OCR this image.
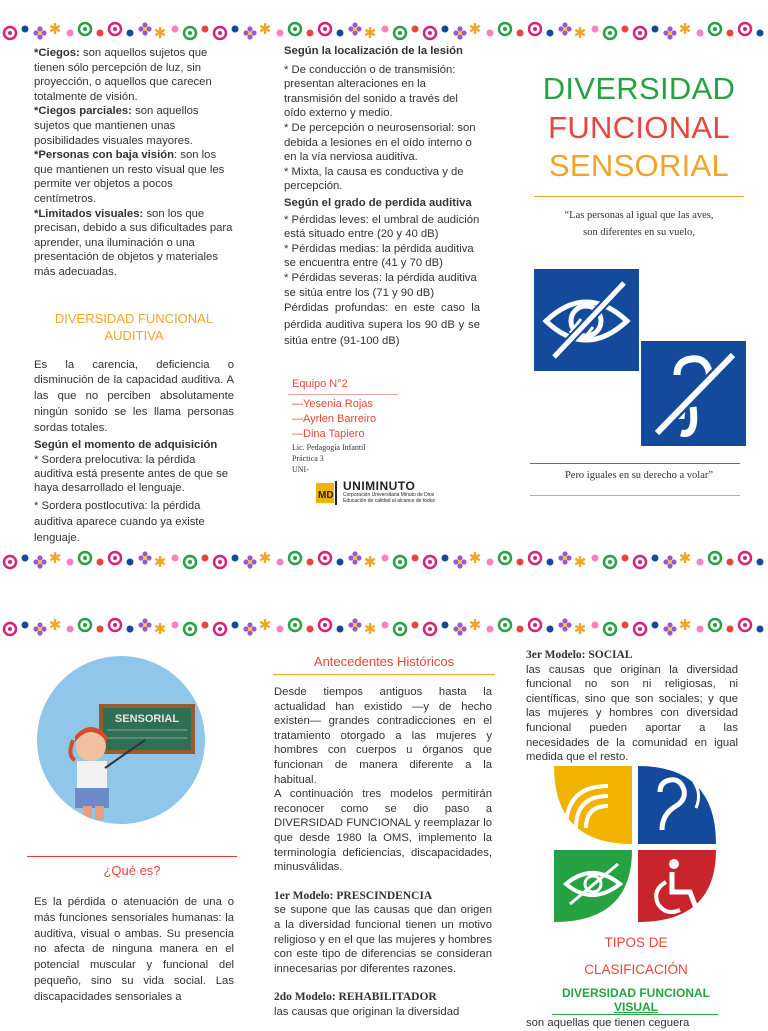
✱	✱	✱	✱	✱	✱	✱
✱	✱	✱	✱	✱	✱	✱
✱	✱	✱	✱	✱	✱	✱

*Ciegos: son aquellos sujetos que tienen sólo percepción de luz, sin proyección, o aquellos que carecen totalmente de visión.
*Ciegos parciales: son aquellos sujetos que mantienen unas posibilidades visuales mayores.
*Personas con baja visión: son los que mantienen un resto visual que les permite ver objetos a pocos centímetros.
*Limitados visuales: son los que precisan, debido a sus dificultades para aprender, una iluminación o una presentación de objetos y materiales más adecuadas.

DIVERSIDAD FUNCIONAL
AUDITIVA

Es la carencia, deficiencia o disminución de la capacidad auditiva. A las que no perciben absolutamente ningún sonido se les llama personas sordas totales.

Según el momento de adquisición

* Sordera prelocutiva: la pérdida auditiva está presente antes de que se haya desarrollado el lenguaje.

* Sordera postlocutiva: la pérdida auditiva aparece cuando ya existe lenguaje.

Según la localización de la lesión

* De conducción o de transmisión: presentan alteraciones en la transmisión del sonido a través del oído externo y medio.

* De percepción o neurosensorial: son debida a lesiones en el oído interno o en la vía nerviosa auditiva.

* Mixta, la causa es conductiva y de percepción.

Según el grado de perdida auditiva

* Pérdidas leves: el umbral de audición está situado entre (20 y 40 dB)

* Pérdidas medias: la pérdida auditiva se encuentra entre (41 y 70 dB)

* Pérdidas severas: la pérdida auditiva se sitúa entre los (71 y 90 dB)

Pérdidas profundas: en este caso la pérdida auditiva supera los 90 dB y se sitúa entre (91-100 dB)

Equipo N°2
—Yesenia Rojas
—Ayrlen Barreiro
—Dina Tapiero
Lic. Pedagogía Infantil
Práctica 3
UNI-
MD
UNIMINUTO
Corporación Universitaria Minuto de Dios
Educación de calidad al alcance de todos
DIVERSIDAD
FUNCIONAL
SENSORIAL
“Las personas al igual que las aves,
son diferentes en su vuelo,
Pero iguales en su derecho a volar”
SENSORIAL
¿Qué es?

Es la pérdida o atenuación de una o más funciones sensoriales humanas: la auditiva, visual o ambas. Su presencia no afecta de ninguna manera en el potencial muscular y funcional del pequeño, sino su vida social. Las discapacidades sensoriales a

Antecedentes Históricos

Desde tiempos antiguos hasta la actualidad han existido —y de hecho existen— grandes contradicciones en el tratamiento otorgado a las mujeres y hombres con cuerpos u órganos que funcionan de manera diferente a la habitual.

A continuación tres modelos permitirán reconocer como se dio paso a DIVERSIDAD FUNCIONAL y reemplazar lo que desde 1980 la OMS, implemento la terminología deficiencias, discapacidades, minusválidas.

1er Modelo: PRESCINDENCIA

se supone que las causas que dan origen a la diversidad funcional tienen un motivo religioso y en el que las mujeres y hombres con este tipo de diferencias se consideran innecesarias por diferentes razones.

2do Modelo: REHABILITADOR

las causas que originan la diversidad

3er Modelo: SOCIAL

las causas que originan la diversidad funcional no son ni religiosas, ni científicas, sino que son sociales; y que las mujeres y hombres con diversidad funcional pueden aportar a las necesidades de la comunidad en igual medida que el resto.

TIPOS DE
CLASIFICACIÓN
DIVERSIDAD FUNCIONAL
VISUAL

son aquellas que tienen ceguera
